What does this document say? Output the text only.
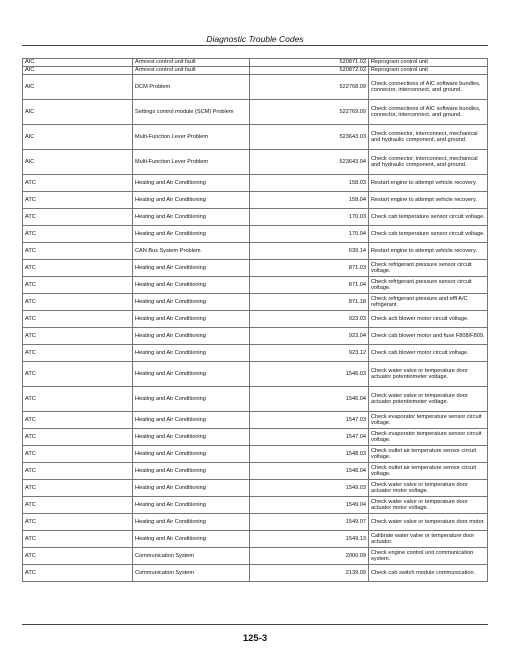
Diagnostic Trouble Codes
AIC	Armrest control unit fault	520871.02	Reprogram control unit
AIC	Armrest control unit fault	520872.02	Reprogram control unit
AIC	DCM Problem	522768.09	Check connections of AIC software bundles, connector, interconnect, and ground.
AIC	Settings control module (SCM) Problem	522769.09	Check connections of AIC software bundles, connector, interconnect, and ground.
AIC	Multi-Function Lever Problem	523643.03	Check connector, interconnect, mechanical and hydraulic component, and ground.
AIC	Multi-Function Lever Problem	523643.04	Check connector, interconnect, mechanical and hydraulic component, and ground.
ATC	Heating and Air Conditioning	158.03	Restart engine to attempt vehicle recovery.
ATC	Heating and Air Conditioning	158.04	Restart engine to attempt vehicle recovery.
ATC	Heating and Air Conditioning	170.03	Check cab temperature sensor circuit voltage.
ATC	Heating and Air Conditioning	170.04	Check cab temperature sensor circuit voltage.
ATC	CAN Bus System Problem	639.14	Restart engine to attempt vehicle recovery.
ATC	Heating and Air Conditioning	871.03	Check refrigerant pressure sensor circuit voltage.
ATC	Heating and Air Conditioning	871.04	Check refrigerant pressure sensor circuit voltage.
ATC	Heating and Air Conditioning	871.18	Check refrigerant pressure and effl A/C refrigerant
ATC	Heating and Air Conditioning	923.03	Check acb blower motor circuit voltage.
ATC	Heating and Air Conditioning	923.04	Check cab blower motor and fuse F808/F809.
ATC	Heating and Air Conditioning	923.12	Check cab blower motor circuit voltage.
ATC	Heating and Air Conditioning	1546.03	Check water valve or temperature door actuator potentiometer voltage.
ATC	Heating and Air Conditioning	1546.04	Check water valve or temperature door actuator potentiometer voltage.
ATC	Heating and Air Conditioning	1547.03	Check evaporator temperature sensor circuit voltage.
ATC	Heating and Air Conditioning	1547.04	Check evaporator temperature sensor circuit voltage.
ATC	Heating and Air Conditioning	1548.03	Check outlet air temperature sensor circuit voltage.
ATC	Heating and Air Conditioning	1548.04	Check outlet air temperature sensor circuit voltage.
ATC	Heating and Air Conditioning	1549.03	Check water valve or temperature door actuator motor voltage.
ATC	Heating and Air Conditioning	1549.04	Check water valve or temperature door actuator motor voltage.
ATC	Heating and Air Conditioning	1549.07	Check water valve or temperature door motor.
ATC	Heating and Air Conditioning	1549.13	Calibrate water valve or temperature door actuator.
ATC	Communication System	2000.09	Check engine control unit communication system.
ATC	Communication System	2139.09	Check cab switch module communication.
125-3
